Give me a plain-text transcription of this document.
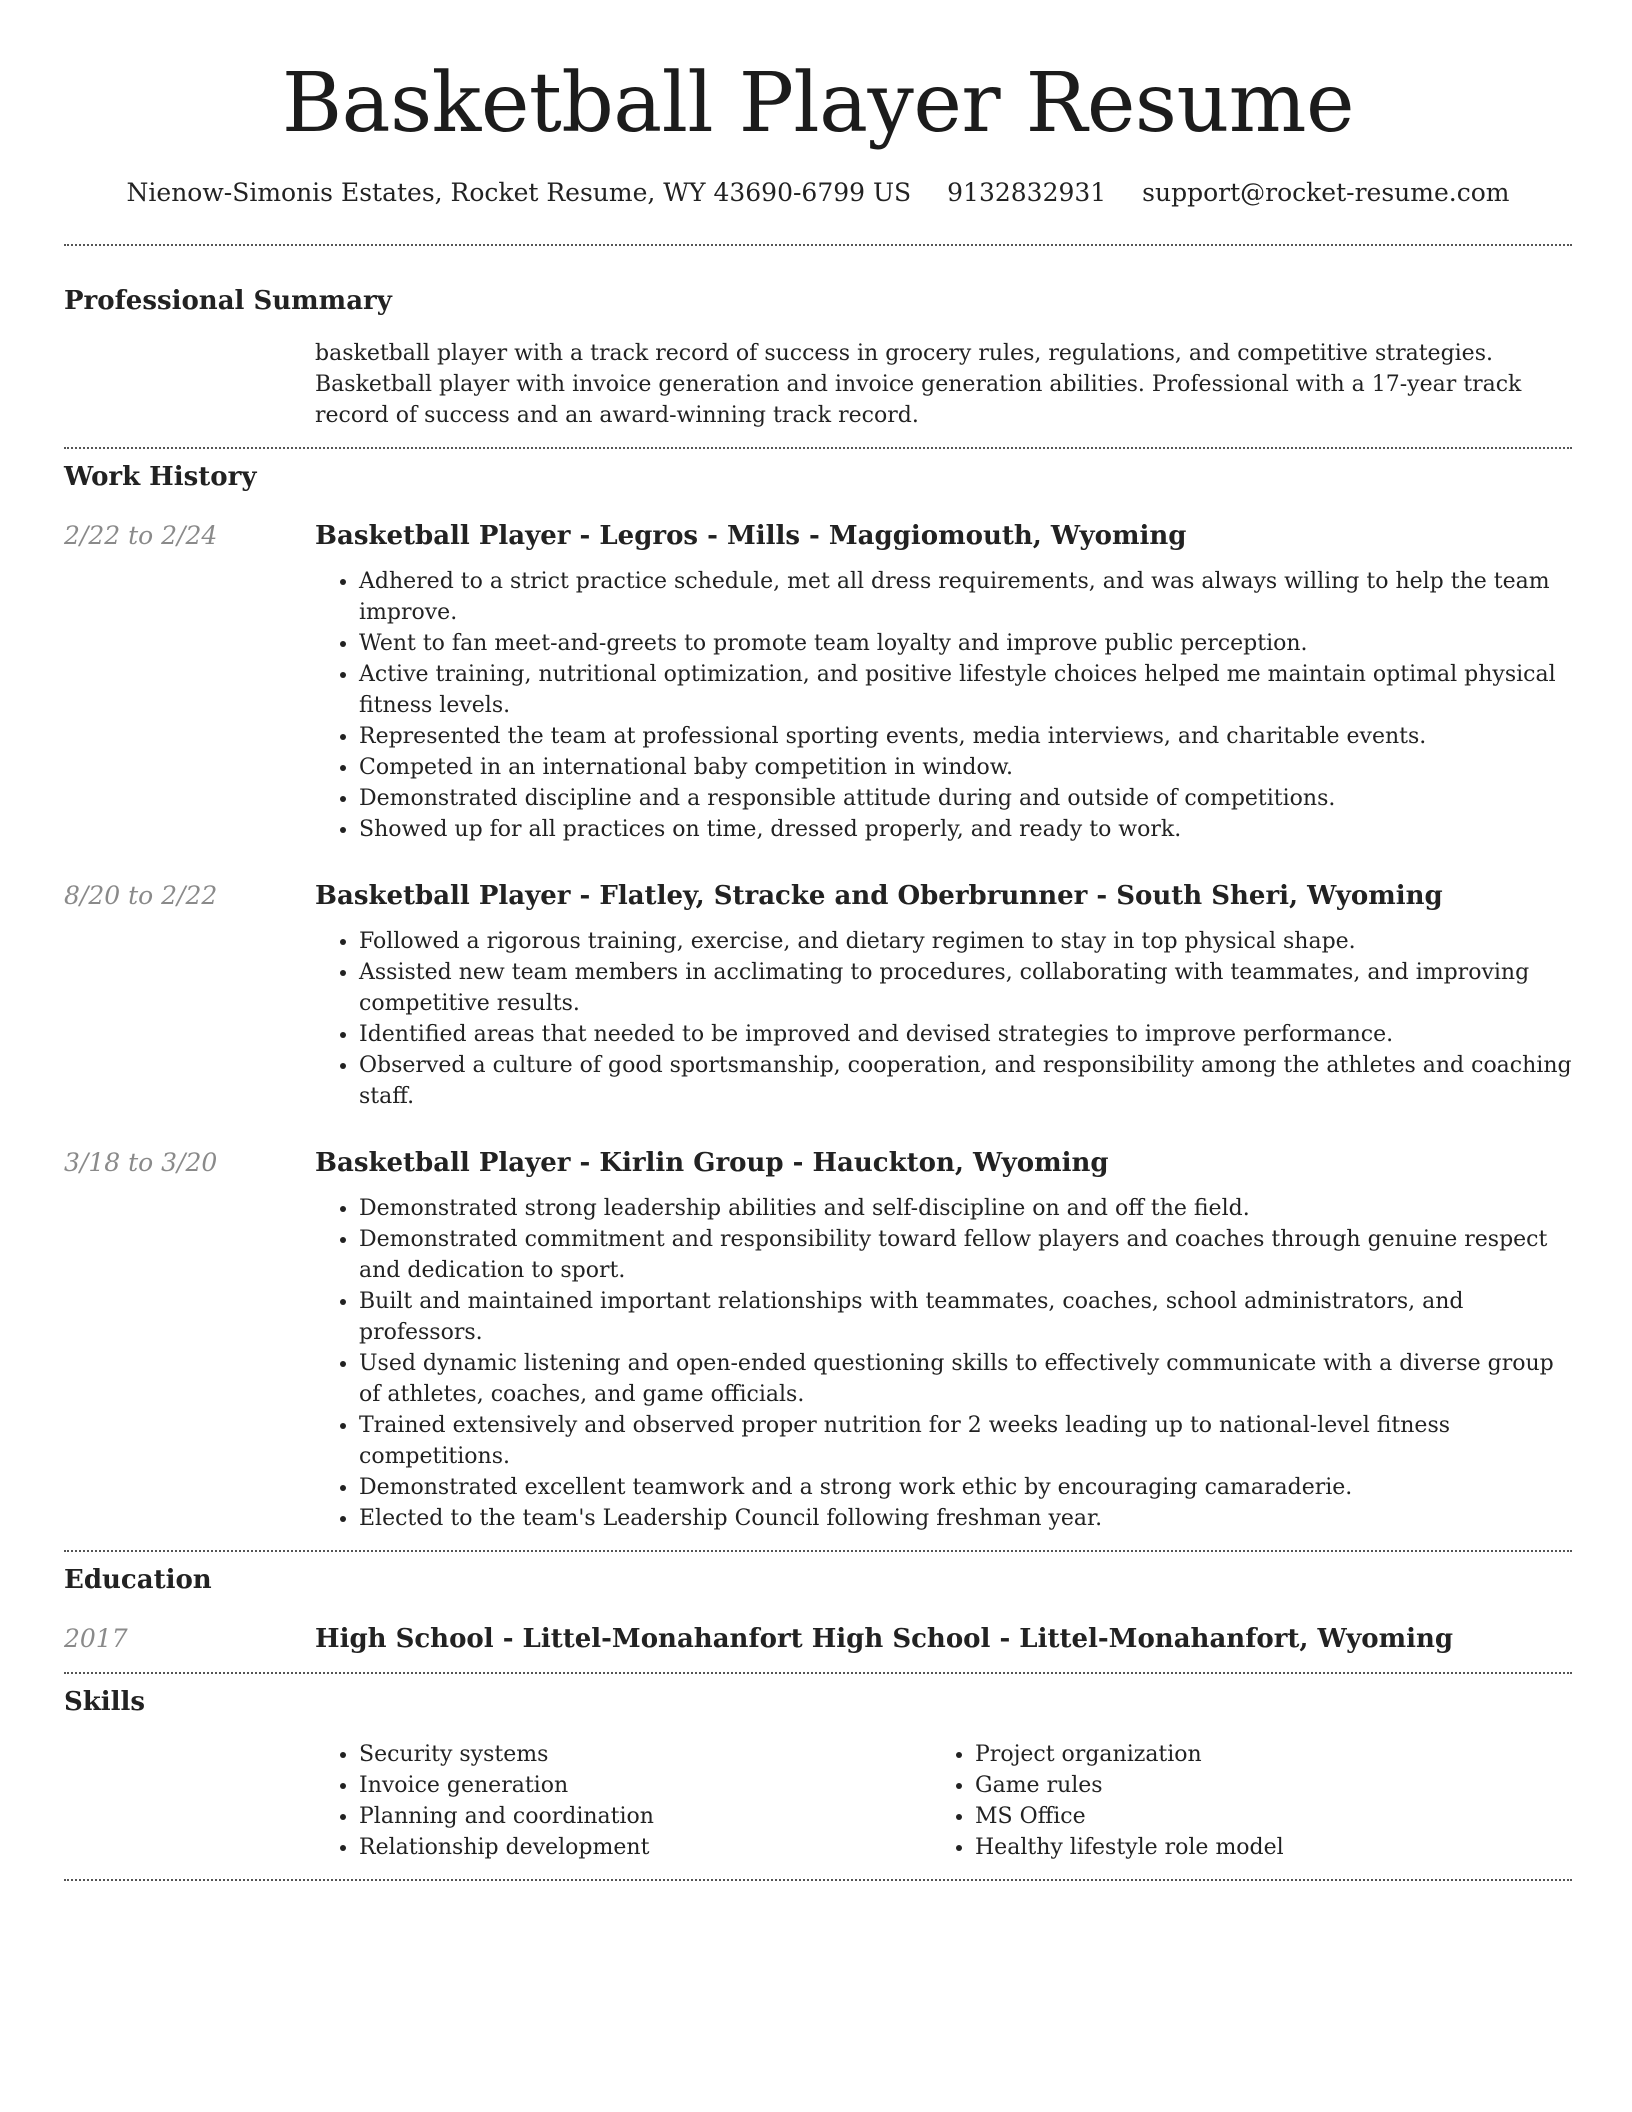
Basketball Player Resume
Nienow-Simonis Estates, Rocket Resume, WY 43690-6799 US 9132832931 support@rocket-resume.com
Professional Summary

basketball player with a track record of success in grocery rules, regulations, and competitive strategies. Basketball player with invoice generation and invoice generation abilities. Professional with a 17-year track record of success and an award-winning track record.

Work History
2/22 to 2/24	Basketball Player - Legros - Mills - Maggiomouth, Wyoming
• Adhered to a strict practice schedule, met all dress requirements, and was always willing to help the team improve.
• Went to fan meet-and-greets to promote team loyalty and improve public perception.
• Active training, nutritional optimization, and positive lifestyle choices helped me maintain optimal physical fitness levels.
• Represented the team at professional sporting events, media interviews, and charitable events.
• Competed in an international baby competition in window.
• Demonstrated discipline and a responsible attitude during and outside of competitions.
• Showed up for all practices on time, dressed properly, and ready to work.
8/20 to 2/22	Basketball Player - Flatley, Stracke and Oberbrunner - South Sheri, Wyoming
• Followed a rigorous training, exercise, and dietary regimen to stay in top physical shape.
• Assisted new team members in acclimating to procedures, collaborating with teammates, and improving competitive results.
• Identified areas that needed to be improved and devised strategies to improve performance.
• Observed a culture of good sportsmanship, cooperation, and responsibility among the athletes and coaching staff.
3/18 to 3/20	Basketball Player - Kirlin Group - Hauckton, Wyoming
• Demonstrated strong leadership abilities and self-discipline on and off the field.
• Demonstrated commitment and responsibility toward fellow players and coaches through genuine respect and dedication to sport.
• Built and maintained important relationships with teammates, coaches, school administrators, and professors.
• Used dynamic listening and open-ended questioning skills to effectively communicate with a diverse group of athletes, coaches, and game officials.
• Trained extensively and observed proper nutrition for 2 weeks leading up to national-level fitness competitions.
• Demonstrated excellent teamwork and a strong work ethic by encouraging camaraderie.
• Elected to the team's Leadership Council following freshman year.
Education
2017	High School - Littel-Monahanfort High School - Littel-Monahanfort, Wyoming
Skills
• Security systems
• Invoice generation
• Planning and coordination
• Relationship development
• Project organization
• Game rules
• MS Office
• Healthy lifestyle role model
